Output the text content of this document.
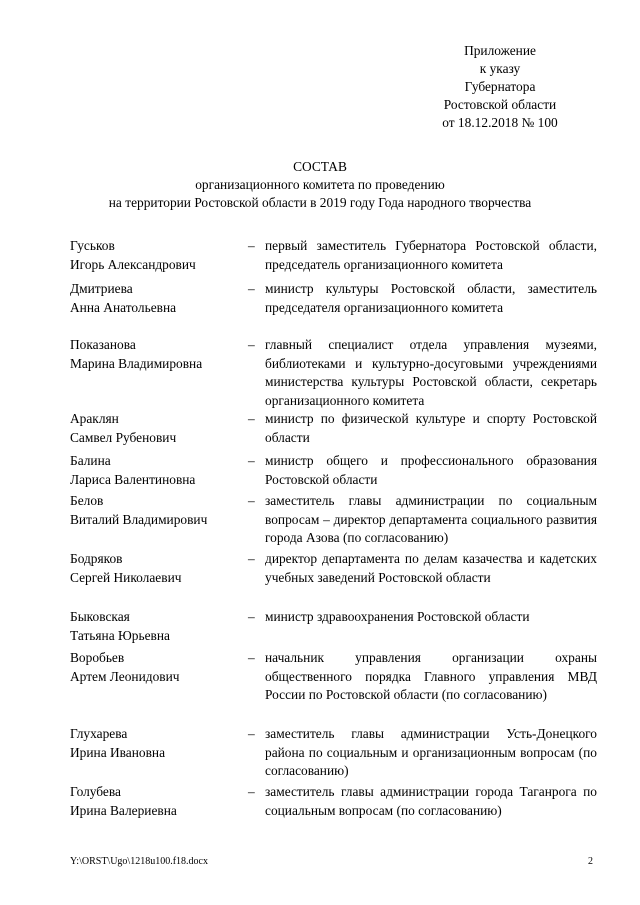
Приложение
к указу
Губернатора
Ростовской области
от 18.12.2018 № 100
СОСТАВ
организационного комитета по проведению
на территории Ростовской области в 2019 году Года народного творчества
Гуськов
Игорь Александрович
– первый заместитель Губернатора Ростовской области, председатель организационного комитета
Дмитриева
Анна Анатольевна
– министр культуры Ростовской области, заместитель председателя организационного комитета
Показанова
Марина Владимировна
– главный специалист отдела управления музеями, библиотеками и культурно-досуговыми учреждениями министерства культуры Ростовской области, секретарь организационного комитета
Араклян
Самвел Рубенович
– министр по физической культуре и спорту Ростовской области
Балина
Лариса Валентиновна
– министр общего и профессионального образования Ростовской области
Белов
Виталий Владимирович
– заместитель главы администрации по социальным вопросам – директор департамента социального развития города Азова (по согласованию)
Бодряков
Сергей Николаевич
– директор департамента по делам казачества и кадетских учебных заведений Ростовской области
Быковская
Татьяна Юрьевна
– министр здравоохранения Ростовской области
Воробьев
Артем Леонидович
– начальник управления организации охраны общественного порядка Главного управления МВД России по Ростовской области (по согласованию)
Глухарева
Ирина Ивановна
– заместитель главы администрации Усть-Донецкого района по социальным и организационным вопросам (по согласованию)
Голубева
Ирина Валериевна
– заместитель главы администрации города Таганрога по социальным вопросам (по согласованию)
Y:\ORST\Ugo\1218u100.f18.docx	2
